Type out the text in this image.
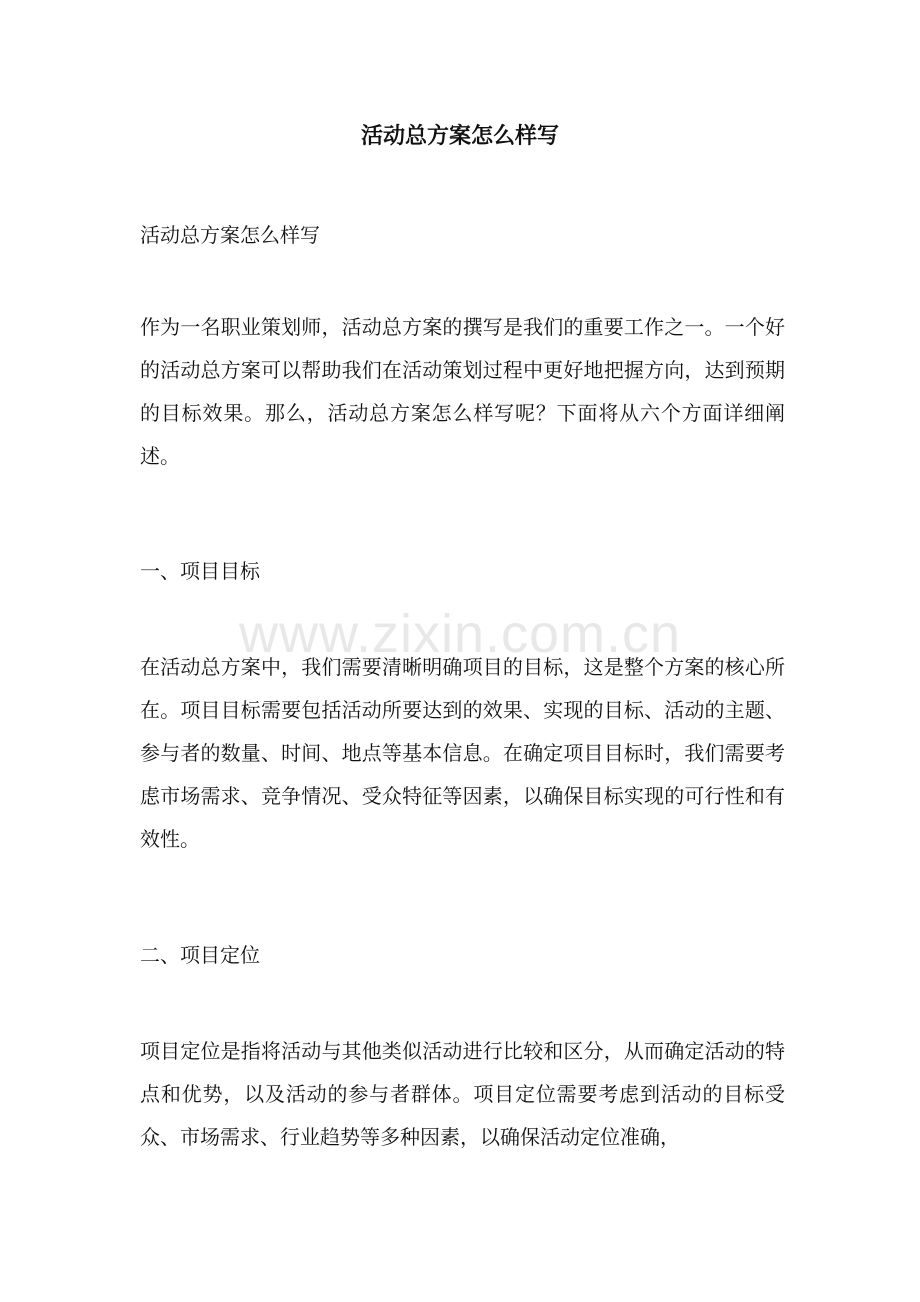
活动总方案怎么样写

活动总方案怎么样写

作为一名职业策划师，活动总方案的撰写是我们的重要工作之一。一个好的活动总方案可以帮助我们在活动策划过程中更好地把握方向，达到预期的目标效果。那么，活动总方案怎么样写呢？下面将从六个方面详细阐述。

一、项目目标

在活动总方案中，我们需要清晰明确项目的目标，这是整个方案的核心所在。项目目标需要包括活动所要达到的效果、实现的目标、活动的主题、参与者的数量、时间、地点等基本信息。在确定项目目标时，我们需要考虑市场需求、竞争情况、受众特征等因素，以确保目标实现的可行性和有效性。

二、项目定位

项目定位是指将活动与其他类似活动进行比较和区分，从而确定活动的特点和优势，以及活动的参与者群体。项目定位需要考虑到活动的目标受众、市场需求、行业趋势等多种因素，以确保活动定位准确，

www.zixin.com.cn
